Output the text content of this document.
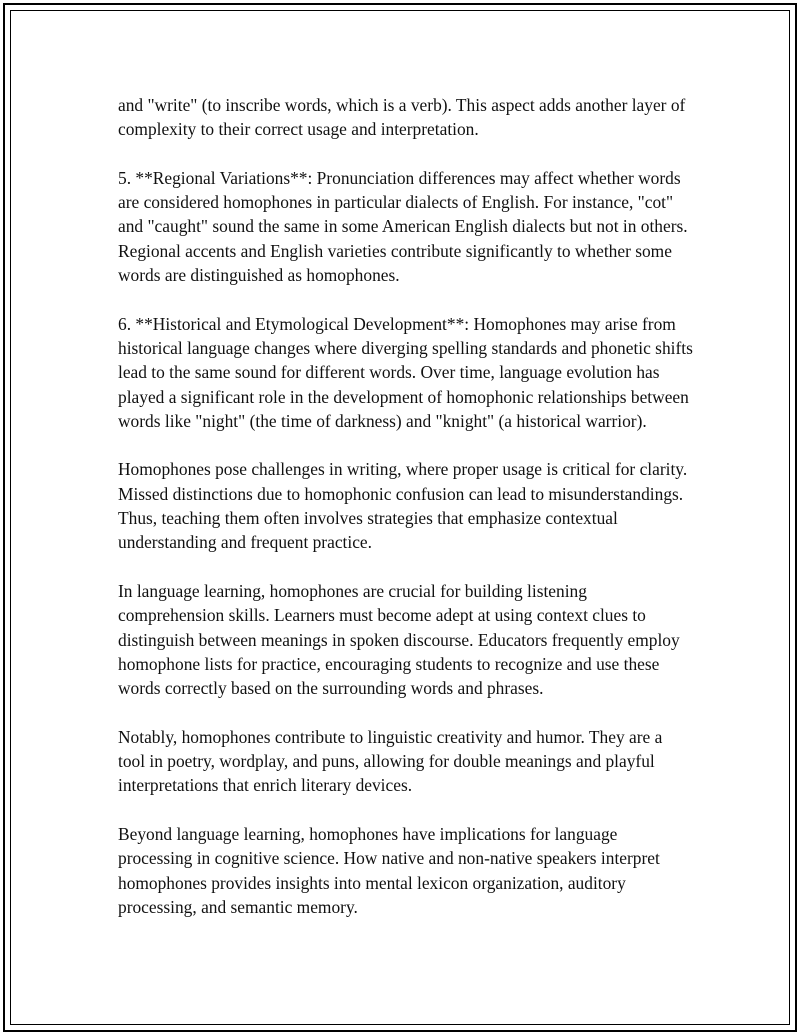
and "write" (to inscribe words, which is a verb). This aspect adds another layer of complexity to their correct usage and interpretation.

5. **Regional Variations**: Pronunciation differences may affect whether words are considered homophones in particular dialects of English. For instance, "cot" and "caught" sound the same in some American English dialects but not in others. Regional accents and English varieties contribute significantly to whether some words are distinguished as homophones.

6. **Historical and Etymological Development**: Homophones may arise from historical language changes where diverging spelling standards and phonetic shifts lead to the same sound for different words. Over time, language evolution has played a significant role in the development of homophonic relationships between words like "night" (the time of darkness) and "knight" (a historical warrior).

Homophones pose challenges in writing, where proper usage is critical for clarity. Missed distinctions due to homophonic confusion can lead to misunderstandings. Thus, teaching them often involves strategies that emphasize contextual understanding and frequent practice.

In language learning, homophones are crucial for building listening comprehension skills. Learners must become adept at using context clues to distinguish between meanings in spoken discourse. Educators frequently employ homophone lists for practice, encouraging students to recognize and use these words correctly based on the surrounding words and phrases.

Notably, homophones contribute to linguistic creativity and humor. They are a tool in poetry, wordplay, and puns, allowing for double meanings and playful interpretations that enrich literary devices.

Beyond language learning, homophones have implications for language processing in cognitive science. How native and non-native speakers interpret homophones provides insights into mental lexicon organization, auditory processing, and semantic memory.
